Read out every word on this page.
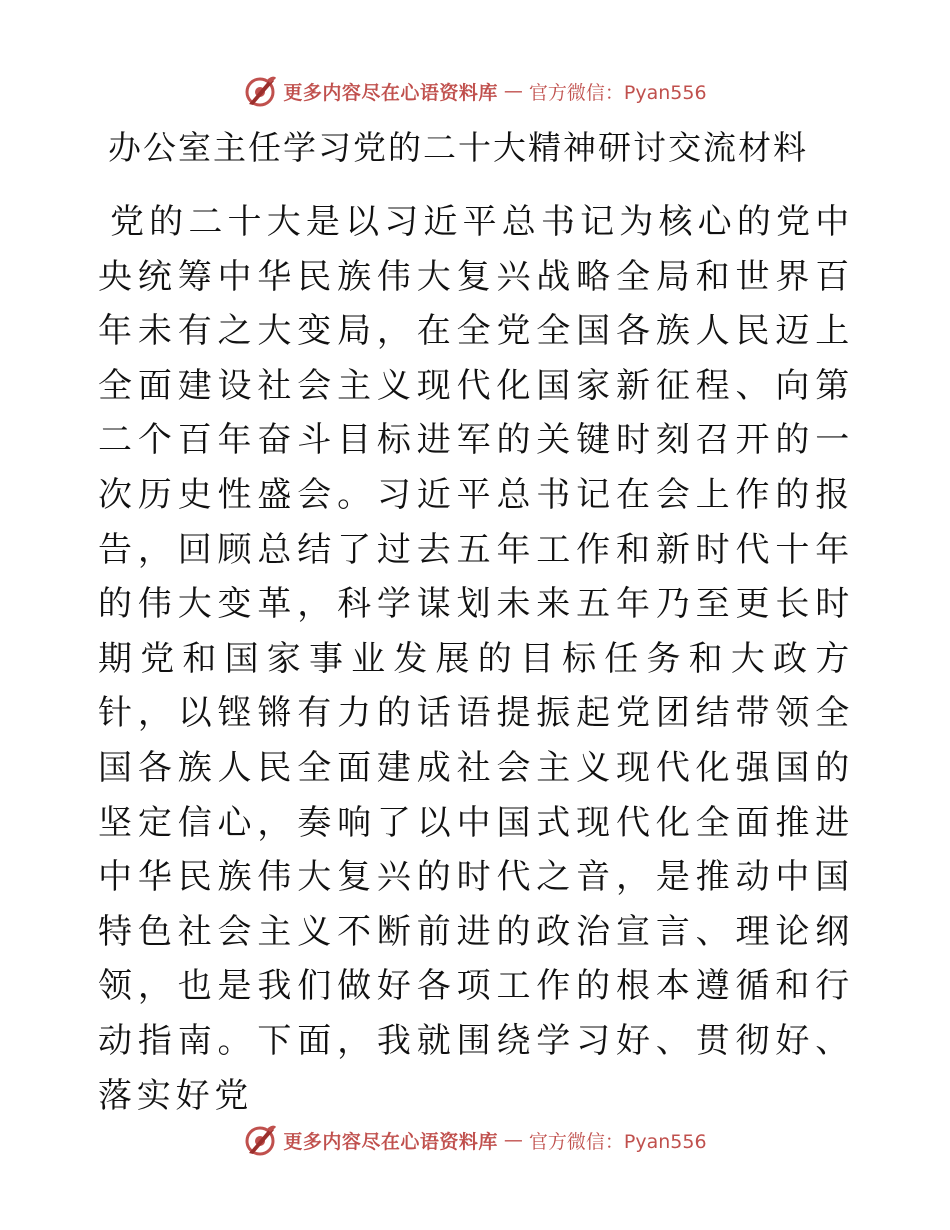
更多内容尽在心语资料库 — 官方微信：Pyan556
办公室主任学习党的二十大精神研讨交流材料

党的二十大是以习近平总书记为核心的党中央统筹中华民族伟大复兴战略全局和世界百年未有之大变局，在全党全国各族人民迈上全面建设社会主义现代化国家新征程、向第二个百年奋斗目标进军的关键时刻召开的一次历史性盛会。习近平总书记在会上作的报告，回顾总结了过去五年工作和新时代十年的伟大变革，科学谋划未来五年乃至更长时期党和国家事业发展的目标任务和大政方针，以铿锵有力的话语提振起党团结带领全国各族人民全面建成社会主义现代化强国的坚定信心，奏响了以中国式现代化全面推进中华民族伟大复兴的时代之音，是推动中国特色社会主义不断前进的政治宣言、理论纲领，也是我们做好各项工作的根本遵循和行动指南。下面，我就围绕学习好、贯彻好、落实好党

更多内容尽在心语资料库 — 官方微信：Pyan556
